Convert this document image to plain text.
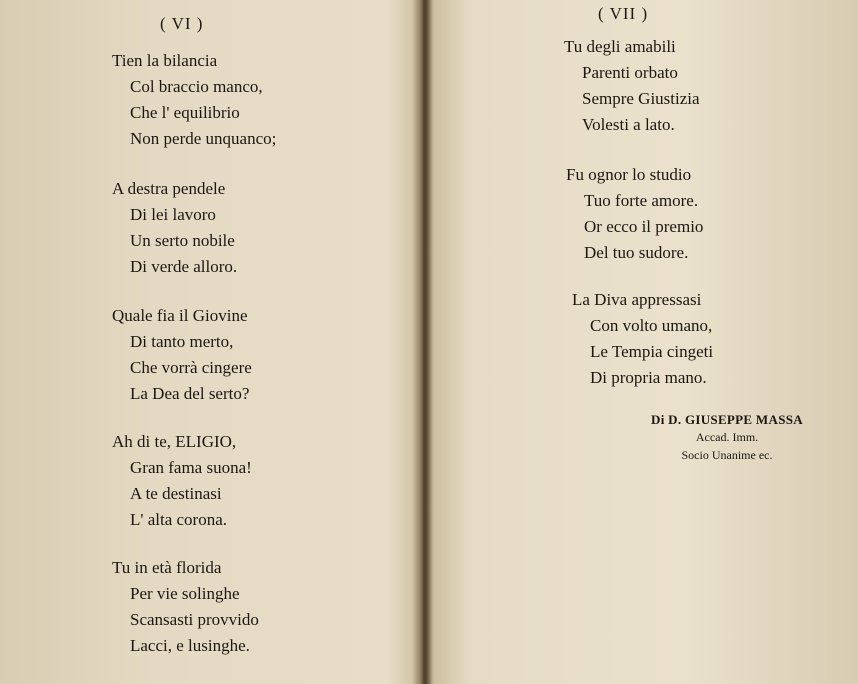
( VI )
Tien la bilancia
Col braccio manco,
Che l' equilibrio
Non perde unquanco;
A destra pendele
Di lei lavoro
Un serto nobile
Di verde alloro.
Quale fia il Giovine
Di tanto merto,
Che vorrà cingere
La Dea del serto?
Ah di te, ELIGIO,
Gran fama suona!
A te destinasi
L' alta corona.
Tu in età florida
Per vie solinghe
Scansasti provvido
Lacci, e lusinghe.
( VII )
Tu degli amabili
Parenti orbato
Sempre Giustizia
Volesti a lato.
Fu ognor lo studio
Tuo forte amore.
Or ecco il premio
Del tuo sudore.
La Diva appressasi
Con volto umano,
Le Tempia cingeti
Di propria mano.
Di D. GIUSEPPE MASSA
Accad. Imm.
Socio Unanime ec.
